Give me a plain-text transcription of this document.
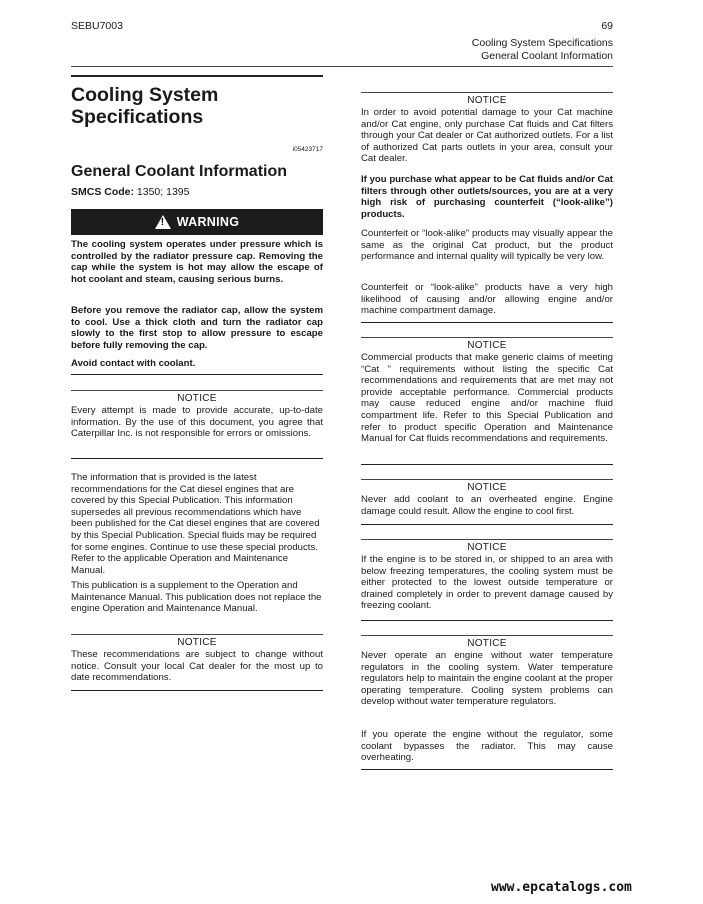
SEBU7003	69
Cooling System Specifications
General Coolant Information
Cooling System
Specifications
i05423717
General Coolant Information
SMCS Code: 1350; 1395
! WARNING
The cooling system operates under pressure which is controlled by the radiator pressure cap. Removing the cap while the system is hot may allow the escape of hot coolant and steam, causing serious burns.
Before you remove the radiator cap, allow the system to cool. Use a thick cloth and turn the radiator cap slowly to the first stop to allow pressure to escape before fully removing the cap.
Avoid contact with coolant.
NOTICE
Every attempt is made to provide accurate, up-to-date information. By the use of this document, you agree that Caterpillar Inc. is not responsible for errors or omissions.
The information that is provided is the latest recommendations for the Cat diesel engines that are covered by this Special Publication. This information supersedes all previous recommendations which have been published for the Cat diesel engines that are covered by this Special Publication. Special fluids may be required for some engines. Continue to use these special products. Refer to the applicable Operation and Maintenance Manual.
This publication is a supplement to the Operation and Maintenance Manual. This publication does not replace the engine Operation and Maintenance Manual.
NOTICE
These recommendations are subject to change without notice. Consult your local Cat dealer for the most up to date recommendations.
NOTICE
In order to avoid potential damage to your Cat machine and/or Cat engine, only purchase Cat fluids and Cat filters through your Cat dealer or Cat authorized outlets. For a list of authorized Cat parts outlets in your area, consult your Cat dealer.
If you purchase what appear to be Cat fluids and/or Cat filters through other outlets/sources, you are at a very high risk of purchasing counterfeit (“look-alike”) products.
Counterfeit or “look-alike” products may visually appear the same as the original Cat product, but the product performance and internal quality will typically be very low.
Counterfeit or “look-alike” products have a very high likelihood of causing and/or allowing engine and/or machine compartment damage.
NOTICE
Commercial products that make generic claims of meeting “Cat ” requirements without listing the specific Cat recommendations and requirements that are met may not provide acceptable performance. Commercial products may cause reduced engine and/or machine fluid compartment life. Refer to this Special Publication and refer to product specific Operation and Maintenance Manual for Cat fluids recommendations and requirements.
NOTICE
Never add coolant to an overheated engine. Engine damage could result. Allow the engine to cool first.
NOTICE
If the engine is to be stored in, or shipped to an area with below freezing temperatures, the cooling system must be either protected to the lowest outside temperature or drained completely in order to prevent damage caused by freezing coolant.
NOTICE
Never operate an engine without water temperature regulators in the cooling system. Water temperature regulators help to maintain the engine coolant at the proper operating temperature. Cooling system problems can develop without water temperature regulators.
If you operate the engine without the regulator, some coolant bypasses the radiator. This may cause overheating.
www.epcatalogs.com
